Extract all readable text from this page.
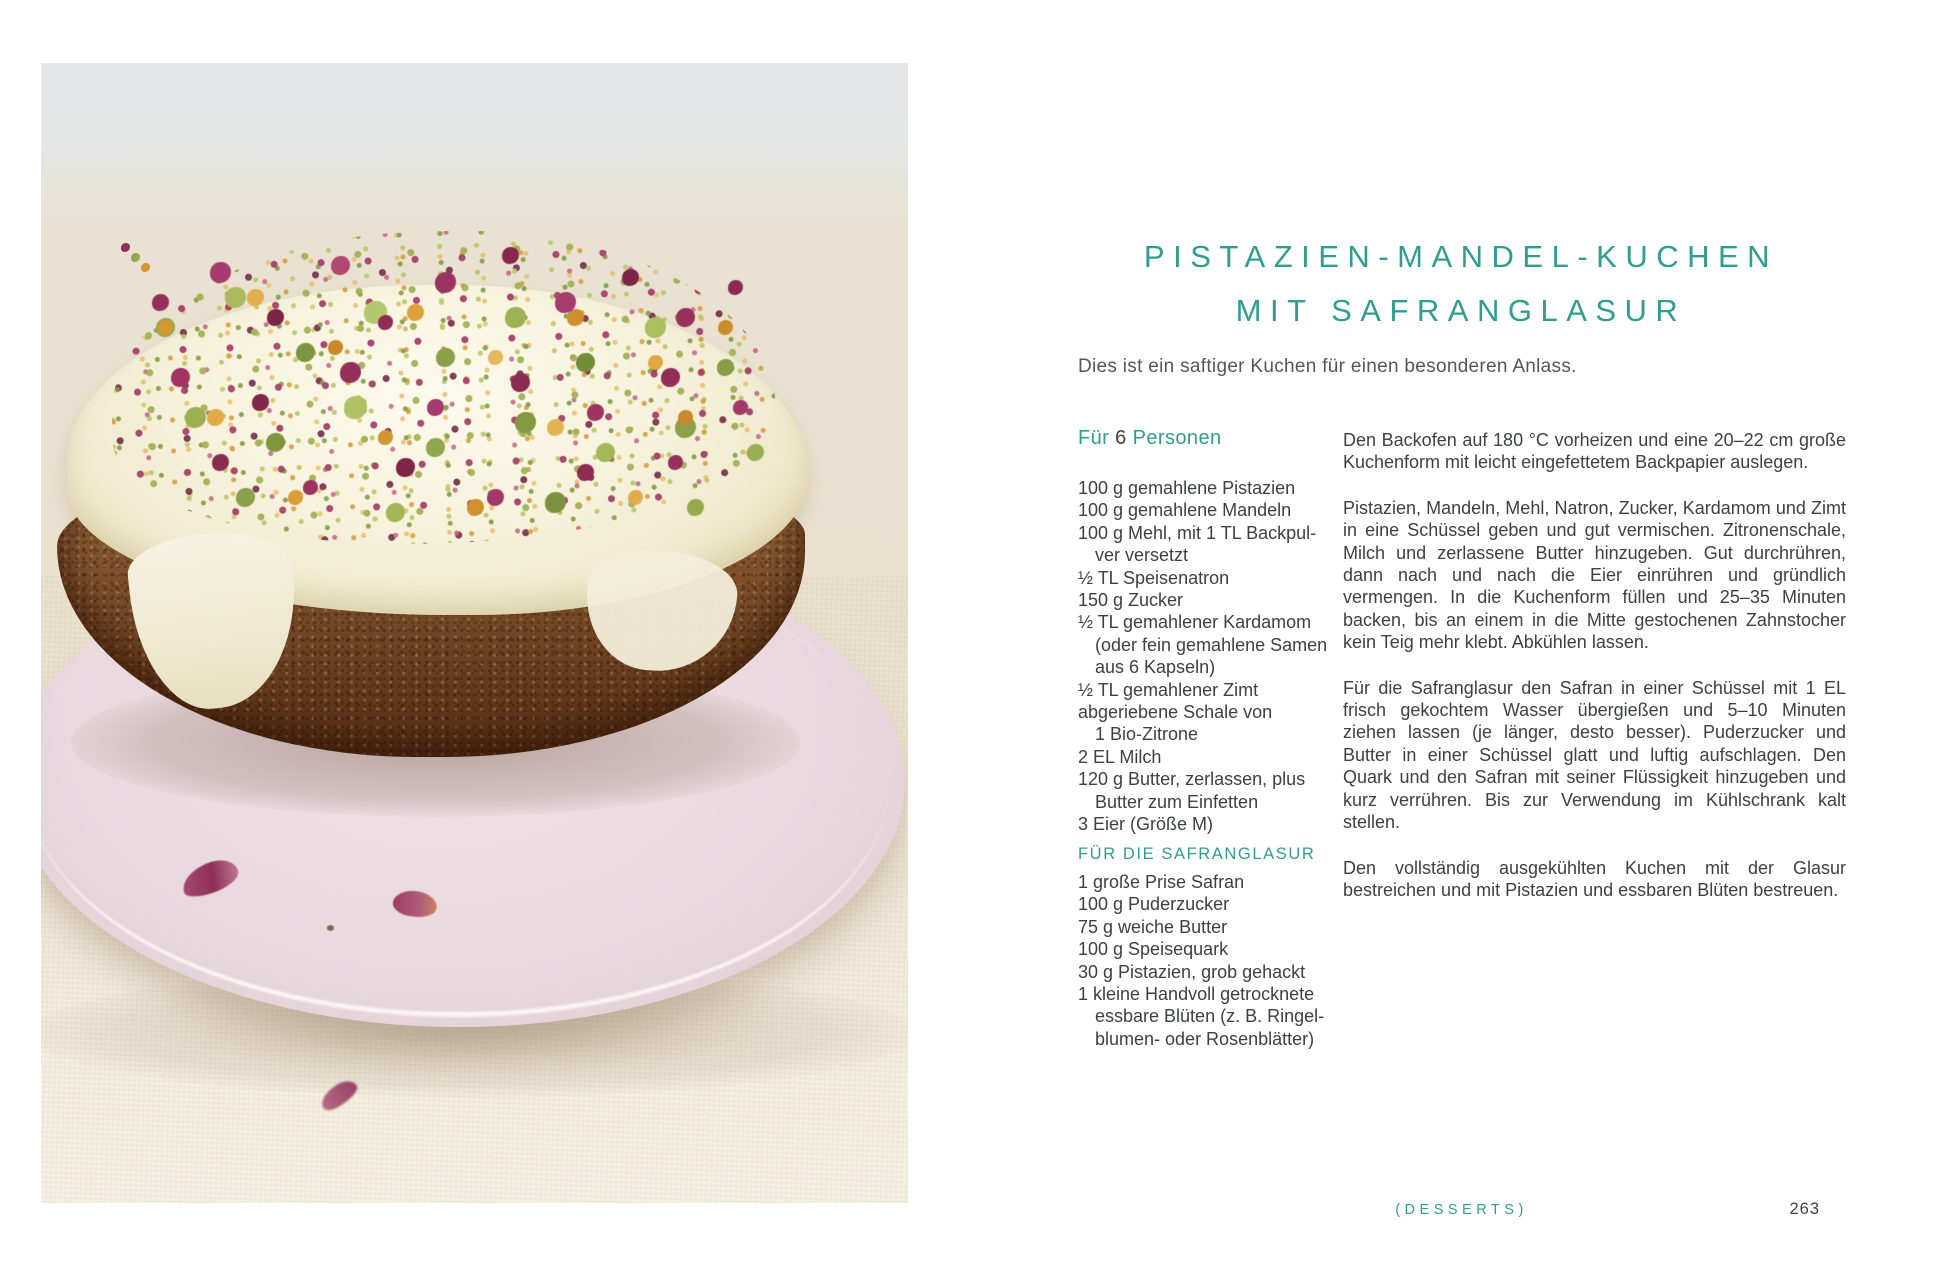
PISTAZIEN-MANDEL-KUCHEN
MIT SAFRANGLASUR

Dies ist ein saftiger Kuchen für einen besonderen Anlass.

Für 6 Personen
100 g gemahlene Pistazien
100 g gemahlene Mandeln
100 g Mehl, mit 1 TL Backpul-
ver versetzt
½ TL Speisenatron
150 g Zucker
½ TL gemahlener Kardamom
(oder fein gemahlene Samen
aus 6 Kapseln)
½ TL gemahlener Zimt
abgeriebene Schale von
1 Bio-Zitrone
2 EL Milch
120 g Butter, zerlassen, plus
Butter zum Einfetten
3 Eier (Größe M)
FÜR DIE SAFRANGLASUR
1 große Prise Safran
100 g Puderzucker
75 g weiche Butter
100 g Speisequark
30 g Pistazien, grob gehackt
1 kleine Handvoll getrocknete
essbare Blüten (z. B. Ringel-
blumen- oder Rosenblätter)

Den Backofen auf 180 °C vorheizen und eine 20–22 cm große Kuchenform mit leicht eingefettetem Backpapier auslegen.

Pistazien, Mandeln, Mehl, Natron, Zucker, Kardamom und Zimt in eine Schüssel geben und gut vermischen. Zitronenschale, Milch und zerlassene Butter hinzugeben. Gut durchrühren, dann nach und nach die Eier einrühren und gründlich vermengen. In die Kuchenform füllen und 25–35 Minuten backen, bis an einem in die Mitte gestochenen Zahnstocher kein Teig mehr klebt. Abkühlen lassen.

Für die Safranglasur den Safran in einer Schüssel mit 1 EL frisch gekochtem Wasser übergießen und 5–10 Minuten ziehen lassen (je länger, desto besser). Puderzucker und Butter in einer Schüssel glatt und luftig aufschlagen. Den Quark und den Safran mit seiner Flüssigkeit hinzugeben und kurz verrühren. Bis zur Verwendung im Kühlschrank kalt stellen.

Den vollständig ausgekühlten Kuchen mit der Glasur bestreichen und mit Pistazien und essbaren Blüten bestreuen.

(DESSERTS)	263
